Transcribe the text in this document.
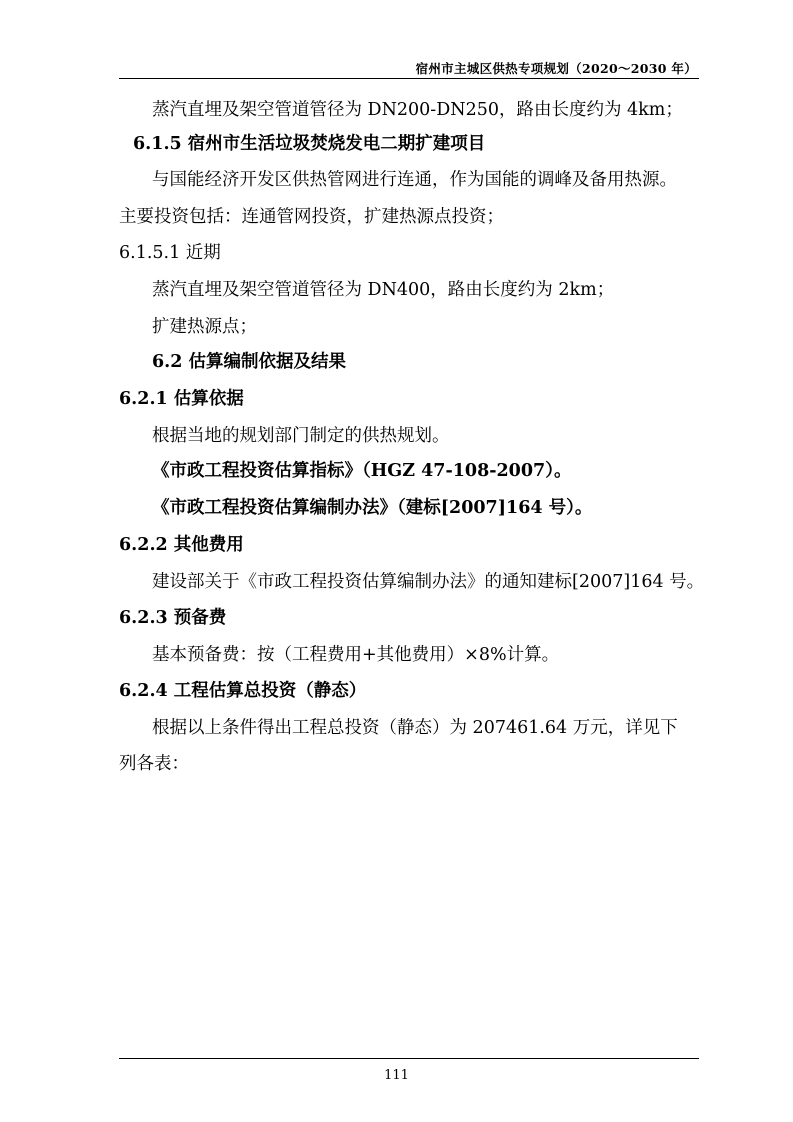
宿州市主城区供热专项规划（2020～2030 年）
蒸汽直埋及架空管道管径为 DN200-DN250，路由长度约为 4km；
6.1.5 宿州市生活垃圾焚烧发电二期扩建项目
与国能经济开发区供热管网进行连通，作为国能的调峰及备用热源。
主要投资包括：连通管网投资，扩建热源点投资；
6.1.5.1 近期
蒸汽直埋及架空管道管径为 DN400，路由长度约为 2km；
扩建热源点；
6.2 估算编制依据及结果
6.2.1 估算依据
根据当地的规划部门制定的供热规划。
《市政工程投资估算指标》（HGZ 47-108-2007）。
《市政工程投资估算编制办法》（建标[2007]164 号）。
6.2.2 其他费用
建设部关于《市政工程投资估算编制办法》的通知建标[2007]164 号。
6.2.3 预备费
基本预备费：按（工程费用+其他费用）×8%计算。
6.2.4 工程估算总投资（静态）
根据以上条件得出工程总投资（静态）为 207461.64 万元，详见下
列各表：
111
